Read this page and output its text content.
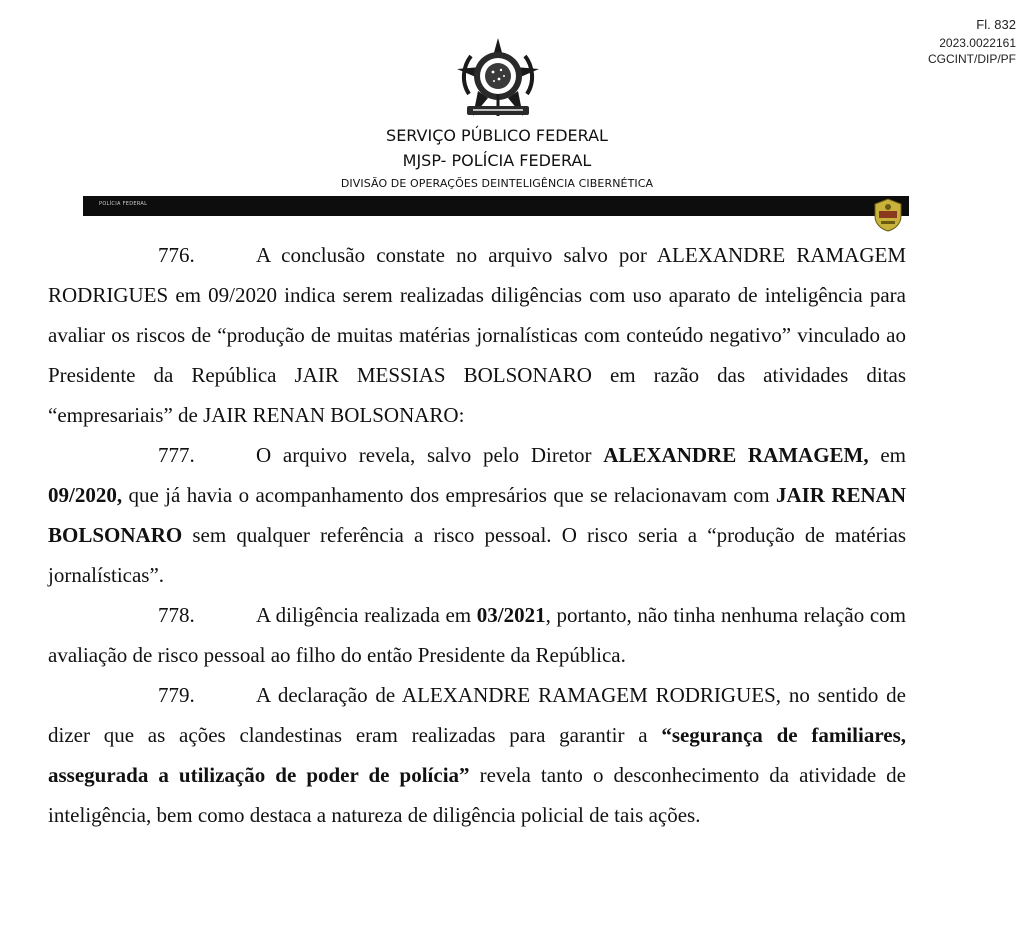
Fl. 832
2023.0022161
CGCINT/DIP/PF
SERVIÇO PÚBLICO FEDERAL
MJSP- POLÍCIA FEDERAL
DIVISÃO DE OPERAÇÕES DEINTELIGÊNCIA CIBERNÉTICA
POLÍCIA FEDERAL

776.	A conclusão constate no arquivo salvo por ALEXANDRE RAMAGEM RODRIGUES em 09/2020 indica serem realizadas diligências com uso aparato de inteligência para avaliar os riscos de “produção de muitas matérias jornalísticas com conteúdo negativo” vinculado ao Presidente da República JAIR MESSIAS BOLSONARO em razão das atividades ditas “empresariais” de JAIR RENAN BOLSONARO:

777.	O arquivo revela, salvo pelo Diretor ALEXANDRE RAMAGEM, em 09/2020, que já havia o acompanhamento dos empresários que se relacionavam com JAIR RENAN BOLSONARO sem qualquer referência a risco pessoal. O risco seria a “produção de matérias jornalísticas”.

778.	A diligência realizada em 03/2021, portanto, não tinha nenhuma relação com avaliação de risco pessoal ao filho do então Presidente da República.

779.	A declaração de ALEXANDRE RAMAGEM RODRIGUES, no sentido de dizer que as ações clandestinas eram realizadas para garantir a “segurança de familiares, assegurada a utilização de poder de polícia” revela tanto o desconhecimento da atividade de inteligência, bem como destaca a natureza de diligência policial de tais ações.
